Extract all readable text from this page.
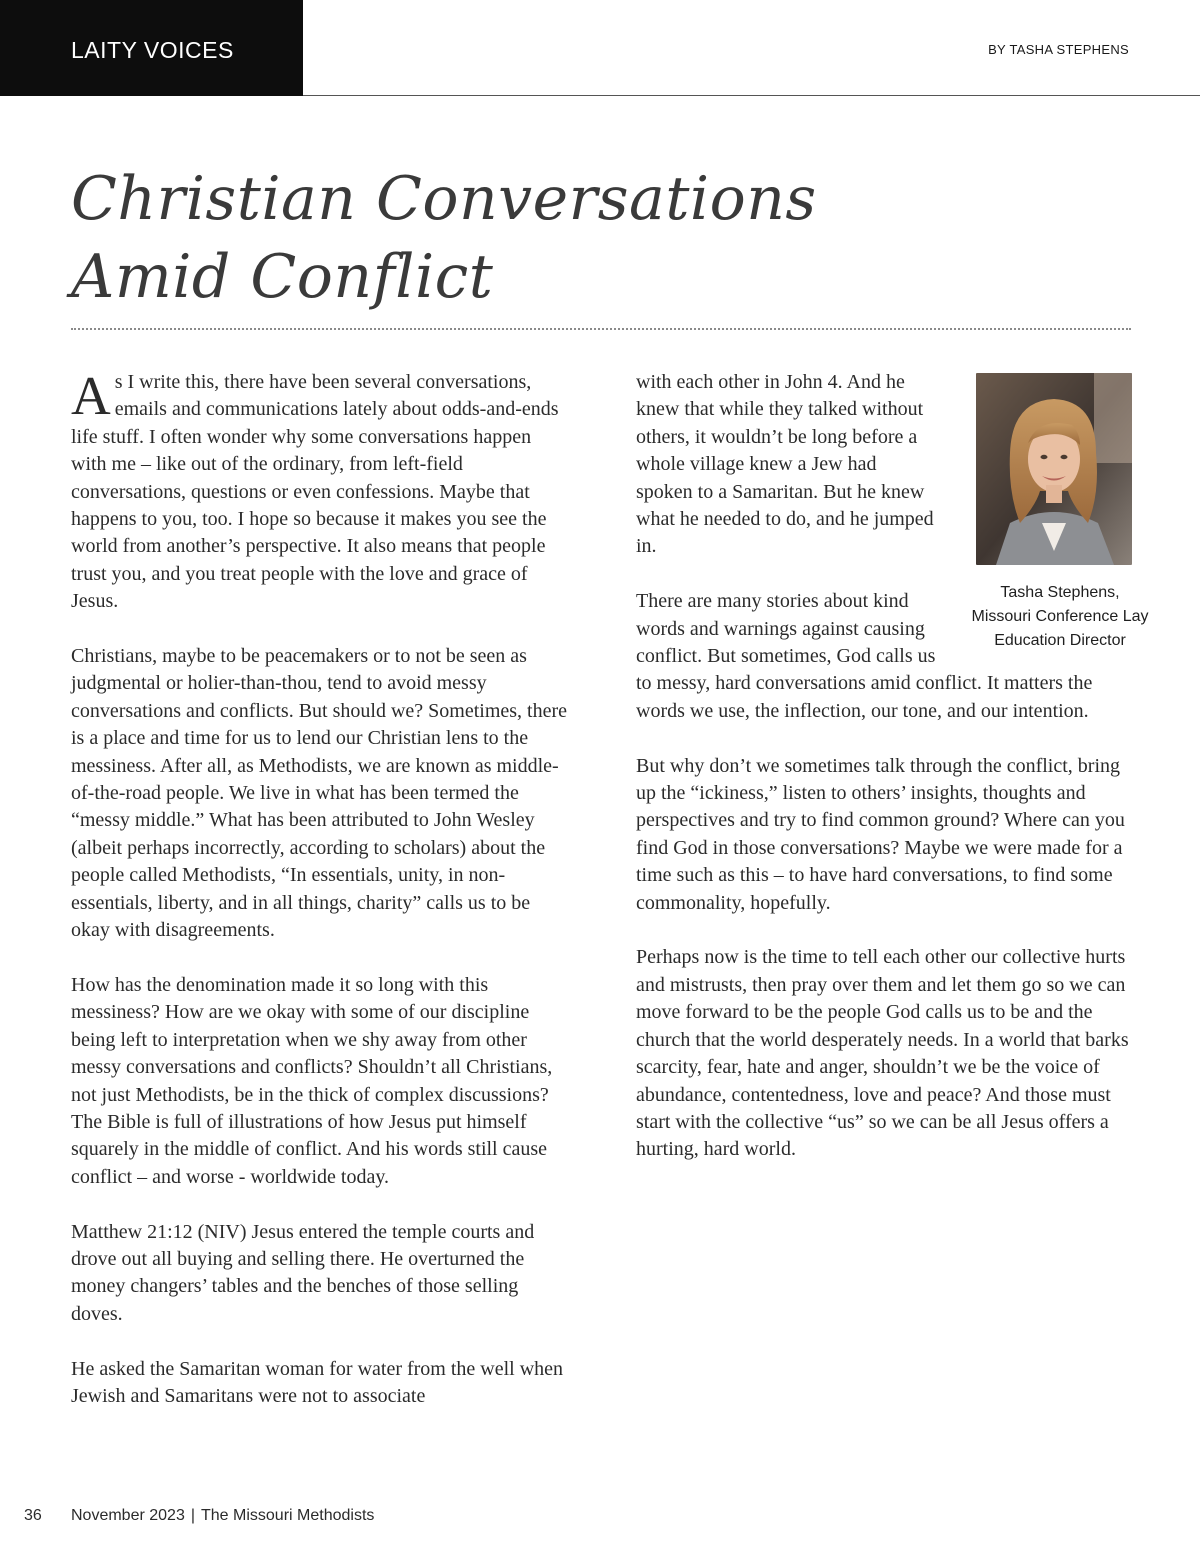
LAITY VOICES	BY TASHA STEPHENS
Christian Conversations
Amid Conflict

As I write this, there have been several conversations, emails and communications lately about odds-and-ends life stuff. I often wonder why some conversations happen with me – like out of the ordinary, from left-field conversations, questions or even confessions. Maybe that happens to you, too. I hope so because it makes you see the world from another’s perspective. It also means that people trust you, and you treat people with the love and grace of Jesus.

Christians, maybe to be peacemakers or to not be seen as judgmental or holier-than-thou, tend to avoid messy conversations and conflicts. But should we? Sometimes, there is a place and time for us to lend our Christian lens to the messiness. After all, as Methodists, we are known as middle-of-the-road people. We live in what has been termed the “messy middle.” What has been attributed to John Wesley (albeit perhaps incorrectly, according to scholars) about the people called Methodists, “In essentials, unity, in non-essentials, liberty, and in all things, charity” calls us to be okay with disagreements.

How has the denomination made it so long with this messiness? How are we okay with some of our discipline being left to interpretation when we shy away from other messy conversations and conflicts? Shouldn’t all Christians, not just Methodists, be in the thick of complex discussions? The Bible is full of illustrations of how Jesus put himself squarely in the middle of conflict. And his words still cause conflict – and worse - worldwide today.

Matthew 21:12 (NIV) Jesus entered the temple courts and drove out all buying and selling there. He overturned the money changers’ tables and the benches of those selling doves.

He asked the Samaritan woman for water from the well when Jewish and Samaritans were not to associate

Tasha Stephens, Missouri Conference Lay Education Director

with each other in John 4. And he knew that while they talked without others, it wouldn’t be long before a whole village knew a Jew had spoken to a Samaritan. But he knew what he needed to do, and he jumped in.

There are many stories about kind words and warnings against causing conflict. But sometimes, God calls us to messy, hard conversations amid conflict. It matters the words we use, the inflection, our tone, and our intention.

But why don’t we sometimes talk through the conflict, bring up the “ickiness,” listen to others’ insights, thoughts and perspectives and try to find common ground? Where can you find God in those conversations? Maybe we were made for a time such as this – to have hard conversations, to find some commonality, hopefully.

Perhaps now is the time to tell each other our collective hurts and mistrusts, then pray over them and let them go so we can move forward to be the people God calls us to be and the church that the world desperately needs. In a world that barks scarcity, fear, hate and anger, shouldn’t we be the voice of abundance, contentedness, love and peace? And those must start with the collective “us” so we can be all Jesus offers a hurting, hard world.

36 November 2023 | The Missouri Methodists
